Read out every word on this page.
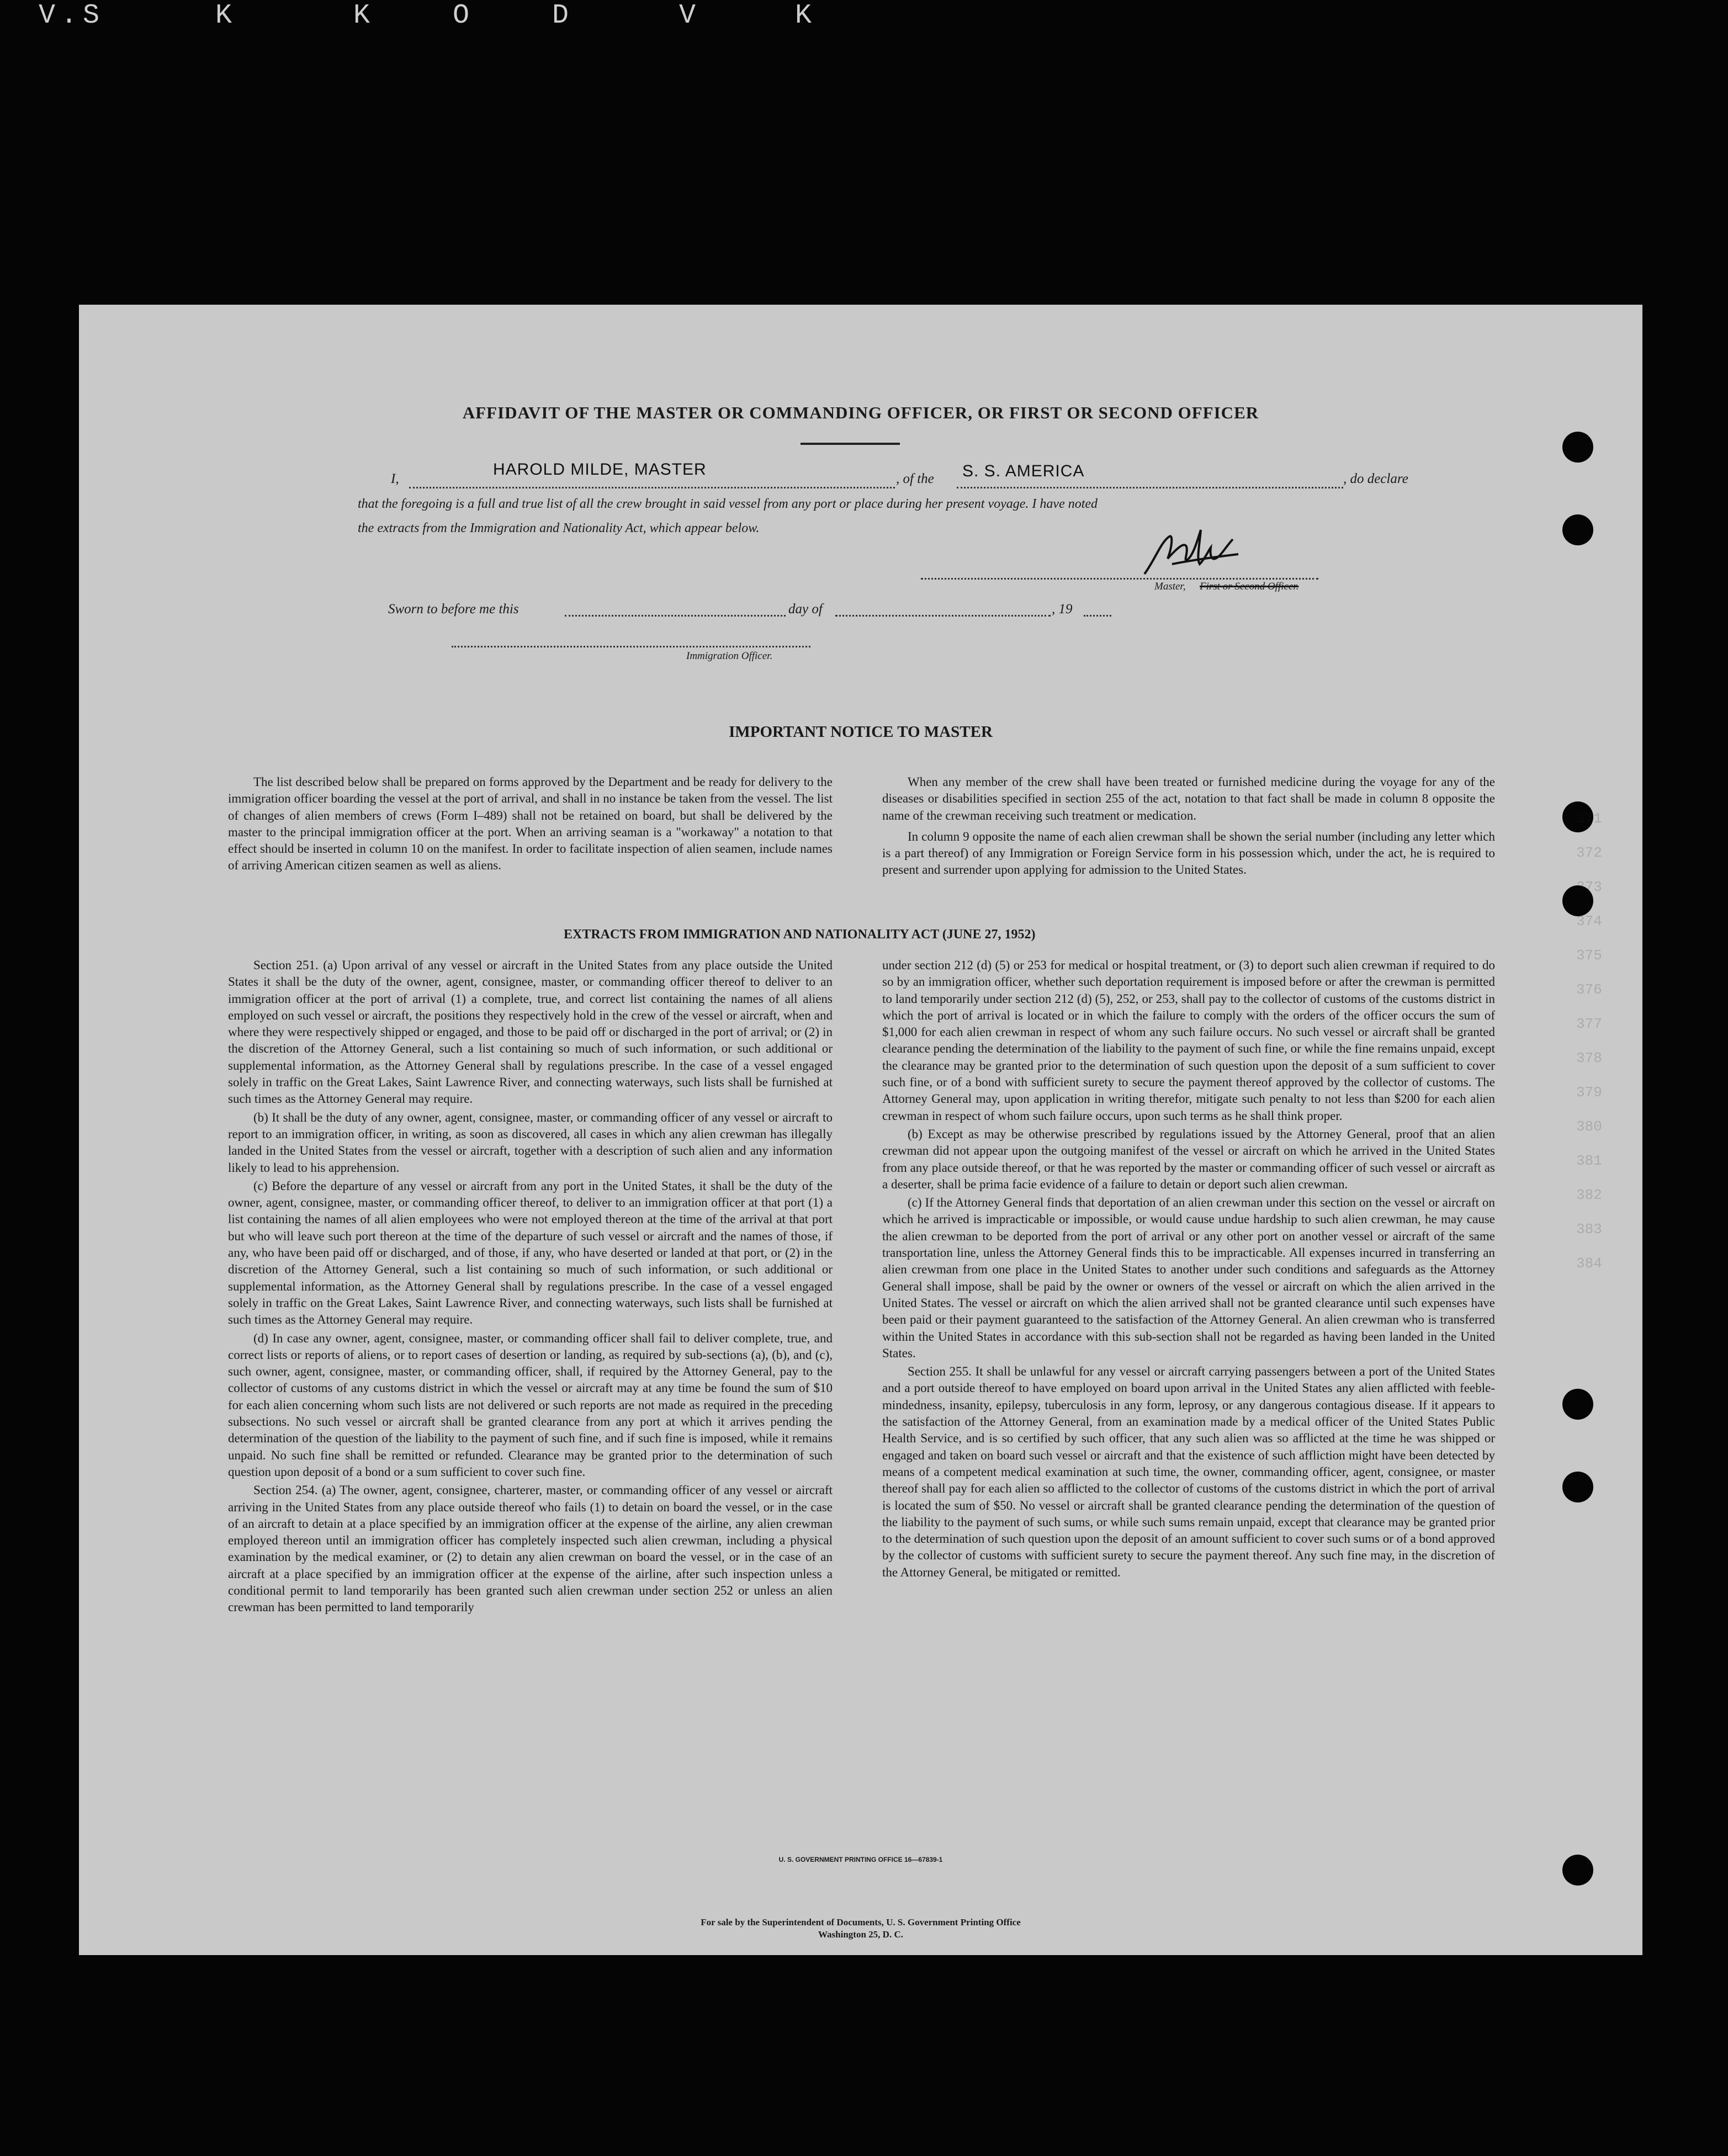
V . S	K	K	O	D	V	K
371
372
373
374
375
376
377
378
379
380
381
382
383
384
AFFIDAVIT OF THE MASTER OR COMMANDING OFFICER, OR FIRST OR SECOND OFFICER
I,
HAROLD MILDE, MASTER
, of the S. S. AMERICA	, do declare
that the foregoing is a full and true list of all the crew brought in said vessel from any port or place during her present voyage. I have noted
the extracts from the Immigration and Nationality Act, which appear below.
Master, First or Second Officer.
Sworn to before me this	day of	, 19
Immigration Officer.
IMPORTANT NOTICE TO MASTER

The list described below shall be prepared on forms approved by the Department and be ready for delivery to the immigration officer boarding the vessel at the port of arrival, and shall in no instance be taken from the vessel. The list of changes of alien members of crews (Form I–489) shall not be retained on board, but shall be delivered by the master to the principal immigration officer at the port. When an arriving seaman is a "workaway" a notation to that effect should be inserted in column 10 on the manifest. In order to facilitate inspection of alien seamen, include names of arriving American citizen seamen as well as aliens.

When any member of the crew shall have been treated or furnished medicine during the voyage for any of the diseases or disabilities specified in section 255 of the act, notation to that fact shall be made in column 8 opposite the name of the crewman receiving such treatment or medication.

In column 9 opposite the name of each alien crewman shall be shown the serial number (including any letter which is a part thereof) of any Immigration or Foreign Service form in his possession which, under the act, he is required to present and surrender upon applying for admission to the United States.

EXTRACTS FROM IMMIGRATION AND NATIONALITY ACT (JUNE 27, 1952)

Section 251. (a) Upon arrival of any vessel or aircraft in the United States from any place outside the United States it shall be the duty of the owner, agent, consignee, master, or commanding officer thereof to deliver to an immigration officer at the port of arrival (1) a complete, true, and correct list containing the names of all aliens employed on such vessel or aircraft, the positions they respectively hold in the crew of the vessel or aircraft, when and where they were respectively shipped or engaged, and those to be paid off or discharged in the port of arrival; or (2) in the discretion of the Attorney General, such a list containing so much of such information, or such additional or supplemental information, as the Attorney General shall by regulations prescribe. In the case of a vessel engaged solely in traffic on the Great Lakes, Saint Lawrence River, and connecting waterways, such lists shall be furnished at such times as the Attorney General may require.

(b) It shall be the duty of any owner, agent, consignee, master, or commanding officer of any vessel or aircraft to report to an immigration officer, in writing, as soon as discovered, all cases in which any alien crewman has illegally landed in the United States from the vessel or aircraft, together with a description of such alien and any information likely to lead to his apprehension.

(c) Before the departure of any vessel or aircraft from any port in the United States, it shall be the duty of the owner, agent, consignee, master, or commanding officer thereof, to deliver to an immigration officer at that port (1) a list containing the names of all alien employees who were not employed thereon at the time of the arrival at that port but who will leave such port thereon at the time of the departure of such vessel or aircraft and the names of those, if any, who have been paid off or discharged, and of those, if any, who have deserted or landed at that port, or (2) in the discretion of the Attorney General, such a list containing so much of such information, or such additional or supplemental information, as the Attorney General shall by regulations prescribe. In the case of a vessel engaged solely in traffic on the Great Lakes, Saint Lawrence River, and connecting waterways, such lists shall be furnished at such times as the Attorney General may require.

(d) In case any owner, agent, consignee, master, or commanding officer shall fail to deliver complete, true, and correct lists or reports of aliens, or to report cases of desertion or landing, as required by sub-sections (a), (b), and (c), such owner, agent, consignee, master, or commanding officer, shall, if required by the Attorney General, pay to the collector of customs of any customs district in which the vessel or aircraft may at any time be found the sum of $10 for each alien concerning whom such lists are not delivered or such reports are not made as required in the preceding subsections. No such vessel or aircraft shall be granted clearance from any port at which it arrives pending the determination of the question of the liability to the payment of such fine, and if such fine is imposed, while it remains unpaid. No such fine shall be remitted or refunded. Clearance may be granted prior to the determination of such question upon deposit of a bond or a sum sufficient to cover such fine.

Section 254. (a) The owner, agent, consignee, charterer, master, or commanding officer of any vessel or aircraft arriving in the United States from any place outside thereof who fails (1) to detain on board the vessel, or in the case of an aircraft to detain at a place specified by an immigration officer at the expense of the airline, any alien crewman employed thereon until an immigration officer has completely inspected such alien crewman, including a physical examination by the medical examiner, or (2) to detain any alien crewman on board the vessel, or in the case of an aircraft at a place specified by an immigration officer at the expense of the airline, after such inspection unless a conditional permit to land temporarily has been granted such alien crewman under section 252 or unless an alien crewman has been permitted to land temporarily

under section 212 (d) (5) or 253 for medical or hospital treatment, or (3) to deport such alien crewman if required to do so by an immigration officer, whether such deportation requirement is imposed before or after the crewman is permitted to land temporarily under section 212 (d) (5), 252, or 253, shall pay to the collector of customs of the customs district in which the port of arrival is located or in which the failure to comply with the orders of the officer occurs the sum of $1,000 for each alien crewman in respect of whom any such failure occurs. No such vessel or aircraft shall be granted clearance pending the determination of the liability to the payment of such fine, or while the fine remains unpaid, except the clearance may be granted prior to the determination of such question upon the deposit of a sum sufficient to cover such fine, or of a bond with sufficient surety to secure the payment thereof approved by the collector of customs. The Attorney General may, upon application in writing therefor, mitigate such penalty to not less than $200 for each alien crewman in respect of whom such failure occurs, upon such terms as he shall think proper.

(b) Except as may be otherwise prescribed by regulations issued by the Attorney General, proof that an alien crewman did not appear upon the outgoing manifest of the vessel or aircraft on which he arrived in the United States from any place outside thereof, or that he was reported by the master or commanding officer of such vessel or aircraft as a deserter, shall be prima facie evidence of a failure to detain or deport such alien crewman.

(c) If the Attorney General finds that deportation of an alien crewman under this section on the vessel or aircraft on which he arrived is impracticable or impossible, or would cause undue hardship to such alien crewman, he may cause the alien crewman to be deported from the port of arrival or any other port on another vessel or aircraft of the same transportation line, unless the Attorney General finds this to be impracticable. All expenses incurred in transferring an alien crewman from one place in the United States to another under such conditions and safeguards as the Attorney General shall impose, shall be paid by the owner or owners of the vessel or aircraft on which the alien arrived in the United States. The vessel or aircraft on which the alien arrived shall not be granted clearance until such expenses have been paid or their payment guaranteed to the satisfaction of the Attorney General. An alien crewman who is transferred within the United States in accordance with this sub-section shall not be regarded as having been landed in the United States.

Section 255. It shall be unlawful for any vessel or aircraft carrying passengers between a port of the United States and a port outside thereof to have employed on board upon arrival in the United States any alien afflicted with feeble-mindedness, insanity, epilepsy, tuberculosis in any form, leprosy, or any dangerous contagious disease. If it appears to the satisfaction of the Attorney General, from an examination made by a medical officer of the United States Public Health Service, and is so certified by such officer, that any such alien was so afflicted at the time he was shipped or engaged and taken on board such vessel or aircraft and that the existence of such affliction might have been detected by means of a competent medical examination at such time, the owner, commanding officer, agent, consignee, or master thereof shall pay for each alien so afflicted to the collector of customs of the customs district in which the port of arrival is located the sum of $50. No vessel or aircraft shall be granted clearance pending the determination of the question of the liability to the payment of such sums, or while such sums remain unpaid, except that clearance may be granted prior to the determination of such question upon the deposit of an amount sufficient to cover such sums or of a bond approved by the collector of customs with sufficient surety to secure the payment thereof. Any such fine may, in the discretion of the Attorney General, be mitigated or remitted.

U. S. GOVERNMENT PRINTING OFFICE 16—67839-1
For sale by the Superintendent of Documents, U. S. Government Printing Office
Washington 25, D. C.
